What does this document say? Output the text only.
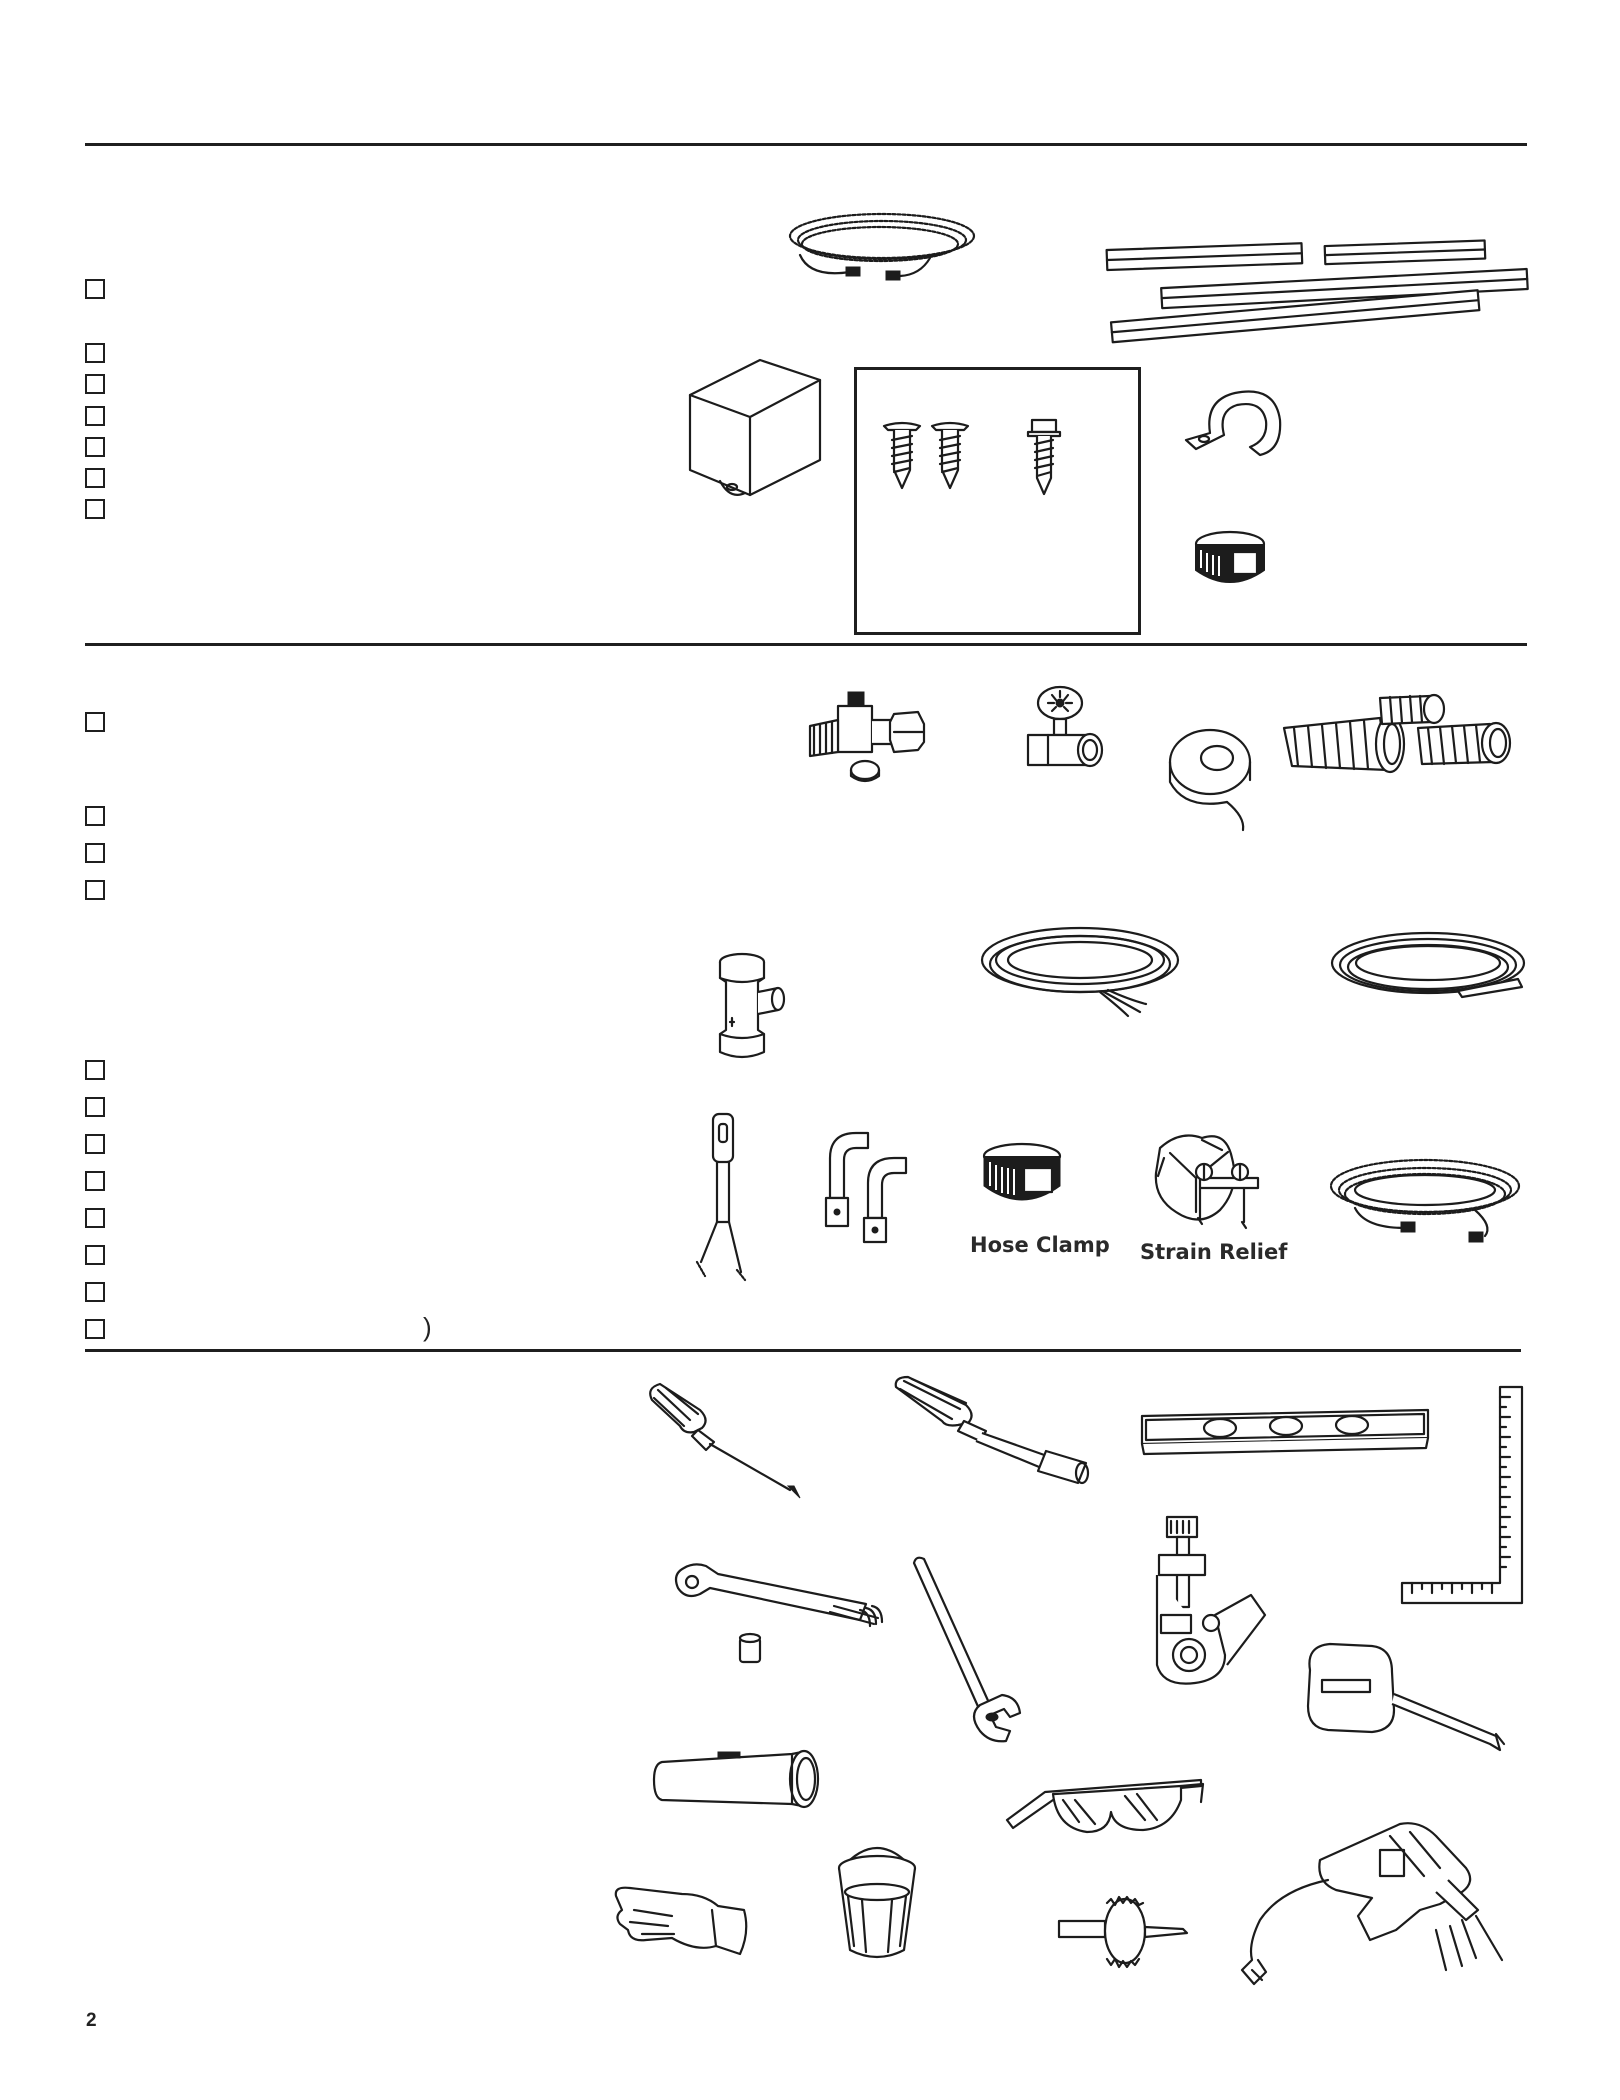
)
Hose Clamp Strain Relief
2
